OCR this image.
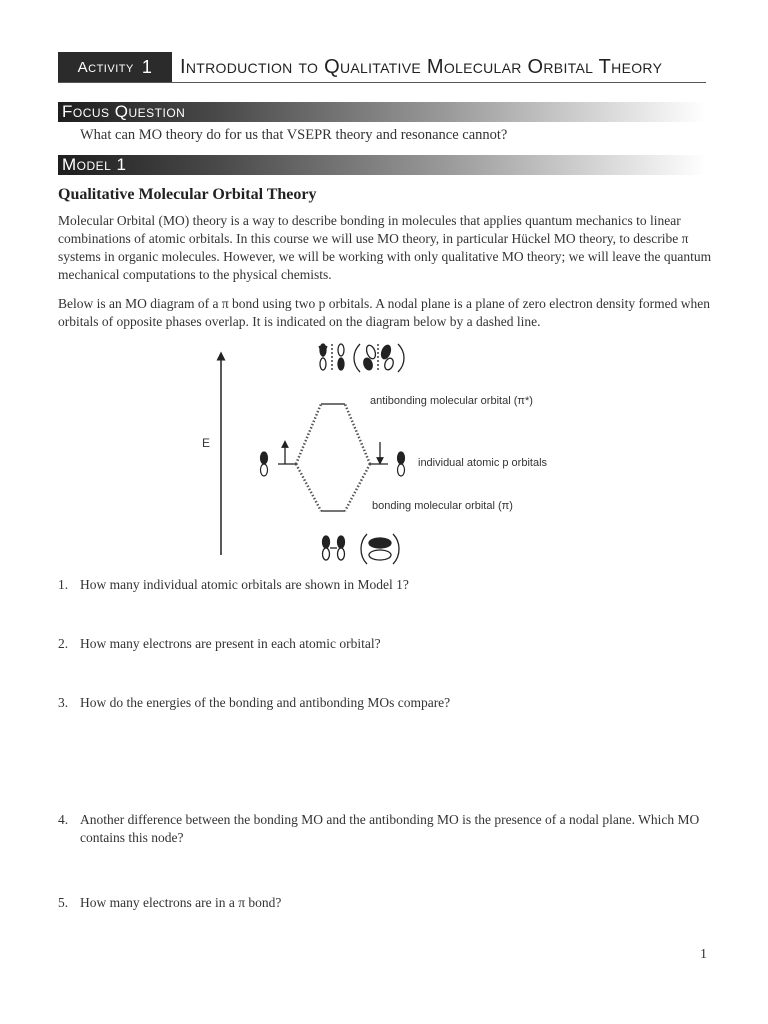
Activity 1 Introduction to Qualitative Molecular Orbital Theory
Focus Question
What can MO theory do for us that VSEPR theory and resonance cannot?
Model 1
Qualitative Molecular Orbital Theory
Molecular Orbital (MO) theory is a way to describe bonding in molecules that applies quantum mechanics to linear combinations of atomic orbitals. In this course we will use MO theory, in particular Hückel MO theory, to describe π systems in organic molecules. However, we will be working with only qualitative MO theory; we will leave the quantum mechanical computations to the physical chemists.
Below is an MO diagram of a π bond using two p orbitals. A nodal plane is a plane of zero electron density formed when orbitals of opposite phases overlap. It is indicated on the diagram below by a dashed line.
E
antibonding molecular orbital (π*)
individual atomic p orbitals
bonding molecular orbital (π)
1. How many individual atomic orbitals are shown in Model 1?
2. How many electrons are present in each atomic orbital?
3. How do the energies of the bonding and antibonding MOs compare?
4. Another difference between the bonding MO and the antibonding MO is the presence of a nodal plane. Which MO contains this node?
5. How many electrons are in a π bond?
1
